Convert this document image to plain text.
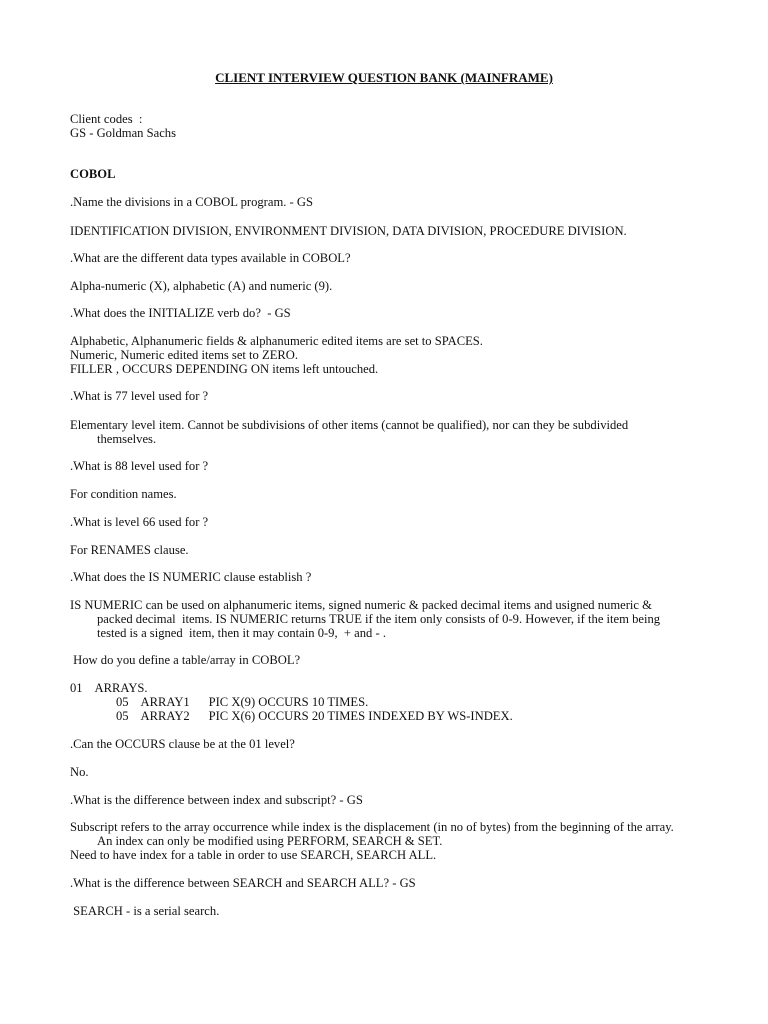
CLIENT INTERVIEW QUESTION BANK (MAINFRAME)
Client codes  :
GS - Goldman Sachs
COBOL
.Name the divisions in a COBOL program. - GS
IDENTIFICATION DIVISION, ENVIRONMENT DIVISION, DATA DIVISION, PROCEDURE DIVISION.
.What are the different data types available in COBOL?
Alpha-numeric (X), alphabetic (A) and numeric (9).
.What does the INITIALIZE verb do?  - GS
Alphabetic, Alphanumeric fields & alphanumeric edited items are set to SPACES.
Numeric, Numeric edited items set to ZERO.
FILLER , OCCURS DEPENDING ON items left untouched.
.What is 77 level used for ?
Elementary level item. Cannot be subdivisions of other items (cannot be qualified), nor can they be subdivided
themselves.
.What is 88 level used for ?
For condition names.
.What is level 66 used for ?
For RENAMES clause.
.What does the IS NUMERIC clause establish ?
IS NUMERIC can be used on alphanumeric items, signed numeric & packed decimal items and usigned numeric &
packed decimal  items. IS NUMERIC returns TRUE if the item only consists of 0-9. However, if the item being
tested is a signed  item, then it may contain 0-9,  + and - .
How do you define a table/array in COBOL?
01    ARRAYS.
05    ARRAY1      PIC X(9) OCCURS 10 TIMES.
05    ARRAY2      PIC X(6) OCCURS 20 TIMES INDEXED BY WS-INDEX.
.Can the OCCURS clause be at the 01 level?
No.
.What is the difference between index and subscript? - GS
Subscript refers to the array occurrence while index is the displacement (in no of bytes) from the beginning of the array.
An index can only be modified using PERFORM, SEARCH & SET.
Need to have index for a table in order to use SEARCH, SEARCH ALL.
.What is the difference between SEARCH and SEARCH ALL? - GS
SEARCH - is a serial search.
